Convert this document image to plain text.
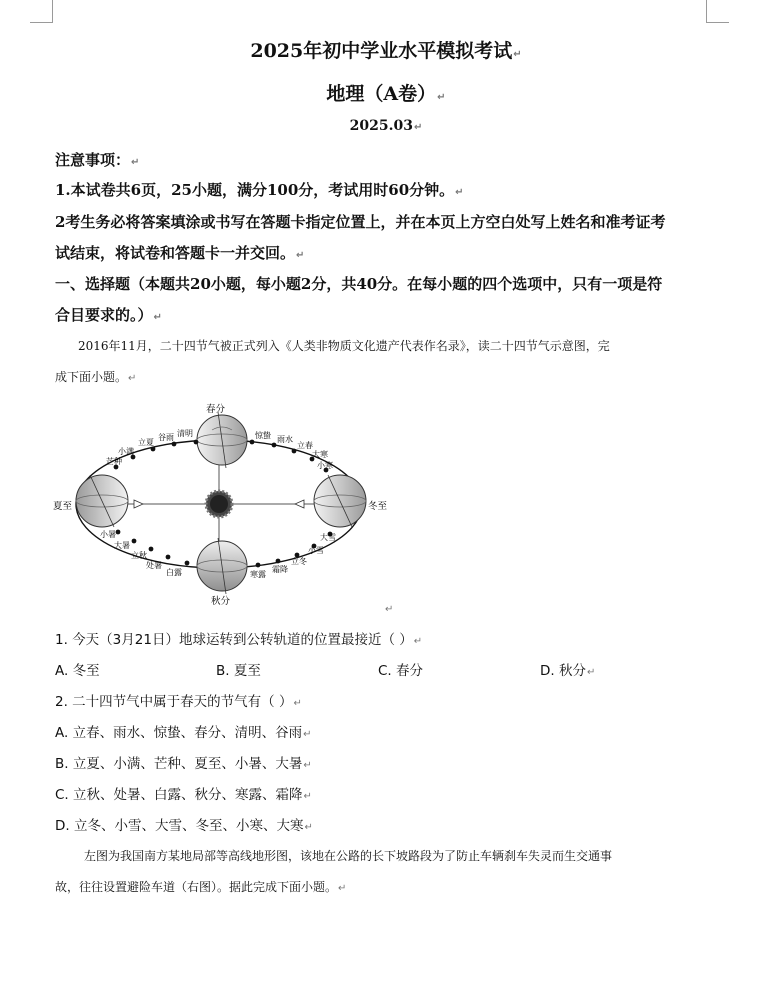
2025年初中学业水平模拟考试↵
地理（A卷）↵
2025.03↵
注意事项：↵
1.本试卷共6页，25小题，满分100分，考试用时60分钟。↵
2考生务必将答案填涂或书写在答题卡指定位置上，并在本页上方空白处写上姓名和准考证考
试结束，将试卷和答题卡一并交回。↵
一、选择题（本题共20小题，每小题2分，共40分。在每小题的四个选项中，只有一项是符
合目要求的。）↵
2016年11月，二十四节气被正式列入《人类非物质文化遗产代表作名录》，读二十四节气示意图，完
成下面小题。↵
春分
夏至
秋分
冬至
清明
谷雨
立夏
小满
芒种
惊蛰 雨水
立春
大寒
小寒
小暑
大暑
立秋
处暑
白露	寒露
霜降
立冬
小雪
大雪
↵
1. 今天（3月21日）地球运转到公转轨道的位置最接近（ ）↵
A. 冬至	B. 夏至	C. 春分	D. 秋分↵
2. 二十四节气中属于春天的节气有（ ）↵
A. 立春、雨水、惊蛰、春分、清明、谷雨↵
B. 立夏、小满、芒种、夏至、小暑、大暑↵
C. 立秋、处暑、白露、秋分、寒露、霜降↵
D. 立冬、小雪、大雪、冬至、小寒、大寒↵
左图为我国南方某地局部等高线地形图，该地在公路的长下坡路段为了防止车辆刹车失灵而生交通事
故，往往设置避险车道（右图）。据此完成下面小题。↵
